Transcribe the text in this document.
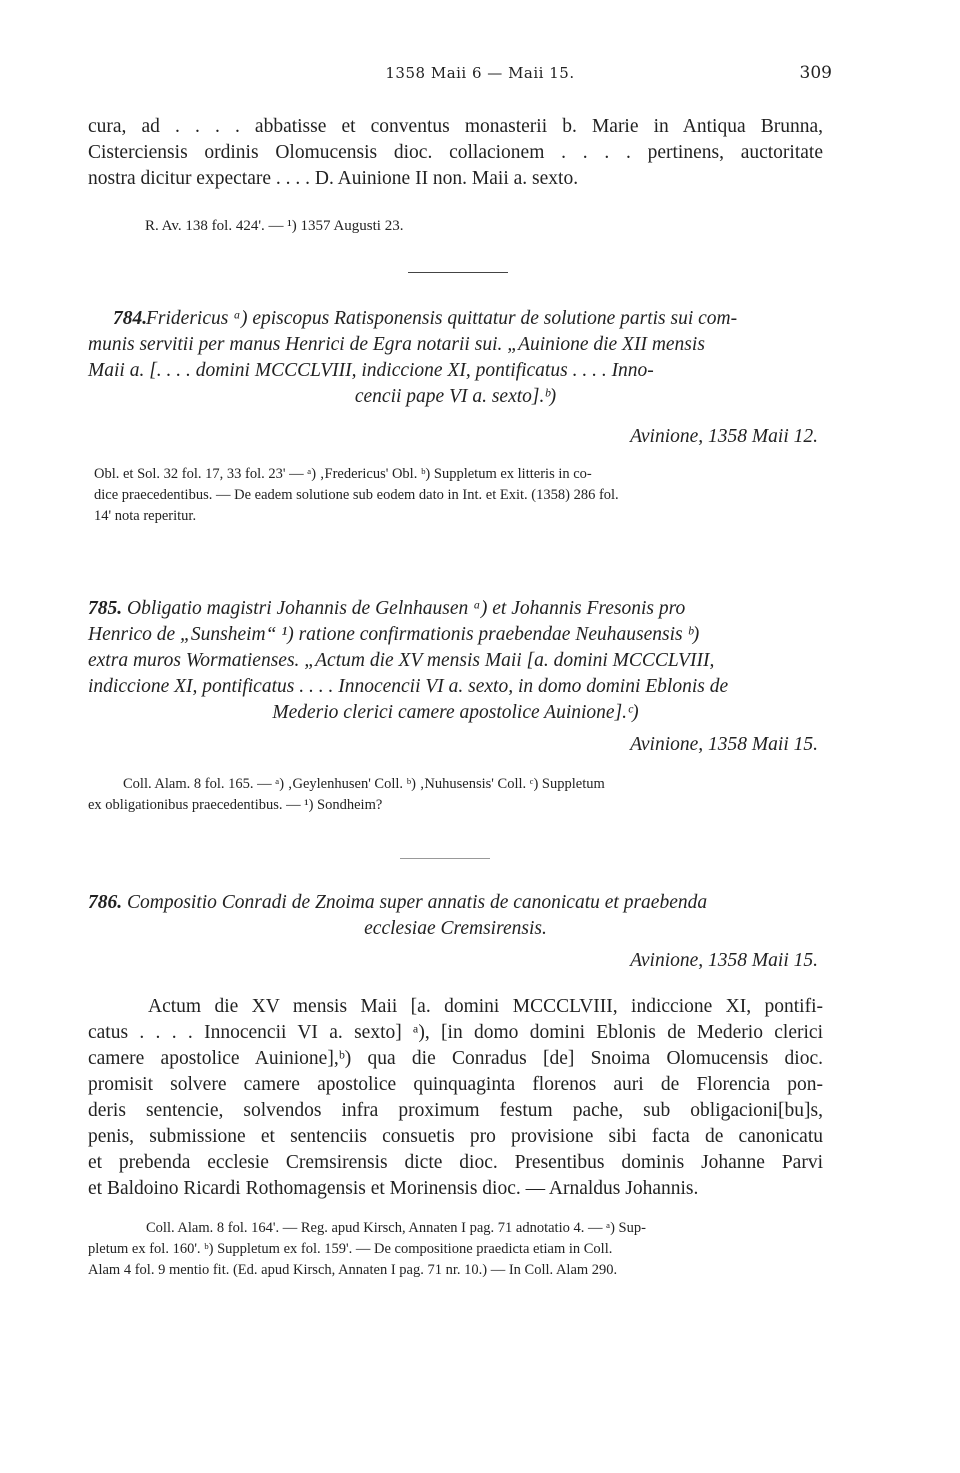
1358 Maii 6 — Maii 15.	309
cura, ad . . . . abbatisse et conventus monasterii b. Marie in Antiqua Brunna,
Cisterciensis ordinis Olomucensis dioc. collacionem . . . . pertinens, auctoritate
nostra dicitur expectare . . . . D. Auinione II non. Maii a. sexto.
R. Av. 138 fol. 424'. — ¹) 1357 Augusti 23.
784.
Fridericus ᵃ) episcopus Ratisponensis quittatur de solutione partis sui com-
munis servitii per manus Henrici de Egra notarii sui. „Auinione die XII mensis
Maii a. [. . . . domini MCCCLVIII, indiccione XI, pontificatus . . . . Inno-
cencii pape VI a. sexto].ᵇ)
Avinione, 1358 Maii 12.
Obl. et Sol. 32 fol. 17, 33 fol. 23' — ᵃ) ‚Fredericus' Obl. ᵇ) Suppletum ex litteris in co-
dice praecedentibus. — De eadem solutione sub eodem dato in Int. et Exit. (1358) 286 fol.
14' nota reperitur.
785. Obligatio magistri Johannis de Gelnhausen ᵃ) et Johannis Fresonis pro
Henrico de „Sunsheim“ ¹) ratione confirmationis praebendae Neuhausensis ᵇ)
extra muros Wormatienses. „Actum die XV mensis Maii [a. domini MCCCLVIII,
indiccione XI, pontificatus . . . . Innocencii VI a. sexto, in domo domini Eblonis de
Mederio clerici camere apostolice Auinione].ᶜ)
Avinione, 1358 Maii 15.
Coll. Alam. 8 fol. 165. — ᵃ) ‚Geylenhusen' Coll. ᵇ) ‚Nuhusensis' Coll. ᶜ) Suppletum
ex obligationibus praecedentibus. — ¹) Sondheim?
786. Compositio Conradi de Znoima super annatis de canonicatu et praebenda
ecclesiae Cremsirensis.
Avinione, 1358 Maii 15.
Actum die XV mensis Maii [a. domini MCCCLVIII, indiccione XI, pontifi-
catus . . . . Innocencii VI a. sexto] ᵃ), [in domo domini Eblonis de Mederio clerici
camere apostolice Auinione],ᵇ) qua die Conradus [de] Snoima Olomucensis dioc.
promisit solvere camere apostolice quinquaginta florenos auri de Florencia pon-
deris sentencie, solvendos infra proximum festum pache, sub obligacioni[bu]s,
penis, submissione et sentenciis consuetis pro provisione sibi facta de canonicatu
et prebenda ecclesie Cremsirensis dicte dioc. Presentibus dominis Johanne Parvi
et Baldoino Ricardi Rothomagensis et Morinensis dioc. — Arnaldus Johannis.
Coll. Alam. 8 fol. 164'. — Reg. apud Kirsch, Annaten I pag. 71 adnotatio 4. — ᵃ) Sup-
pletum ex fol. 160'. ᵇ) Suppletum ex fol. 159'. — De compositione praedicta etiam in Coll.
Alam 4 fol. 9 mentio fit. (Ed. apud Kirsch, Annaten I pag. 71 nr. 10.) — In Coll. Alam 290.
